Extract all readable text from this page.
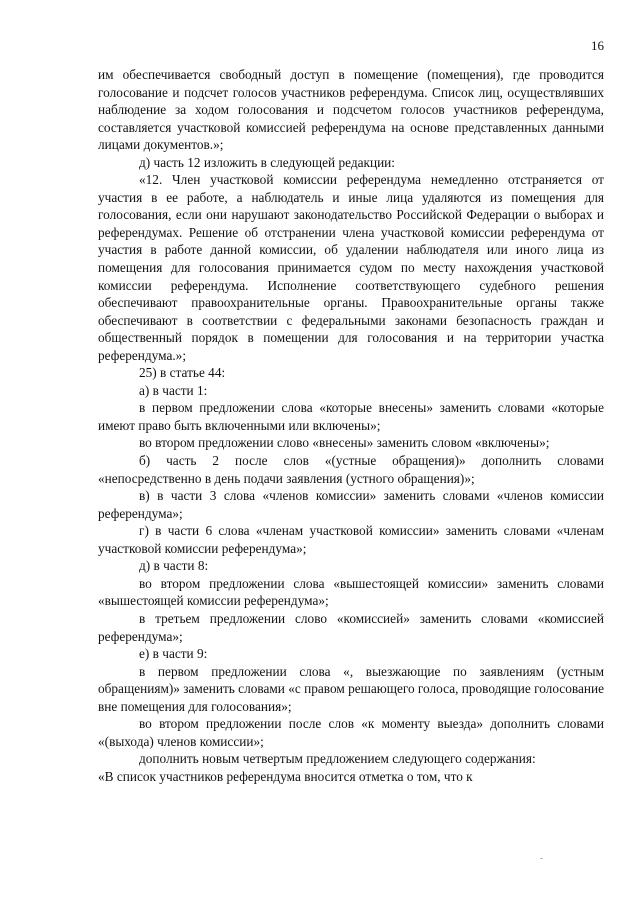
16

им обеспечивается свободный доступ в помещение (помещения), где проводится голосование и подсчет голосов участников референдума. Список лиц, осуществлявших наблюдение за ходом голосования и подсчетом голосов участников референдума, составляется участковой комиссией референдума на основе представленных данными лицами документов.»;

д) часть 12 изложить в следующей редакции:

«12. Член участковой комиссии референдума немедленно отстраняется от участия в ее работе, а наблюдатель и иные лица удаляются из помещения для голосования, если они нарушают законодательство Российской Федерации о выборах и референдумах. Решение об отстранении члена участковой комиссии референдума от участия в работе данной комиссии, об удалении наблюдателя или иного лица из помещения для голосования принимается судом по месту нахождения участковой комиссии референдума. Исполнение соответствующего судебного решения обеспечивают правоохранительные органы. Правоохранительные органы также обеспечивают в соответствии с федеральными законами безопасность граждан и общественный порядок в помещении для голосования и на территории участка референдума.»;

25) в статье 44:

а) в части 1:

в первом предложении слова «которые внесены» заменить словами «которые имеют право быть включенными или включены»;

во втором предложении слово «внесены» заменить словом «включены»;

б) часть 2 после слов «(устные обращения)» дополнить словами «непосредственно в день подачи заявления (устного обращения)»;

в) в части 3 слова «членов комиссии» заменить словами «членов комиссии референдума»;

г) в части 6 слова «членам участковой комиссии» заменить словами «членам участковой комиссии референдума»;

д) в части 8:

во втором предложении слова «вышестоящей комиссии» заменить словами «вышестоящей комиссии референдума»;

в третьем предложении слово «комиссией» заменить словами «комиссией референдума»;

е) в части 9:

в первом предложении слова «, выезжающие по заявлениям (устным обращениям)» заменить словами «с правом решающего голоса, проводящие голосование вне помещения для голосования»;

во втором предложении после слов «к моменту выезда» дополнить словами «(выхода) членов комиссии»;

дополнить новым четвертым предложением следующего содержания:

«В список участников референдума вносится отметка о том, что к
